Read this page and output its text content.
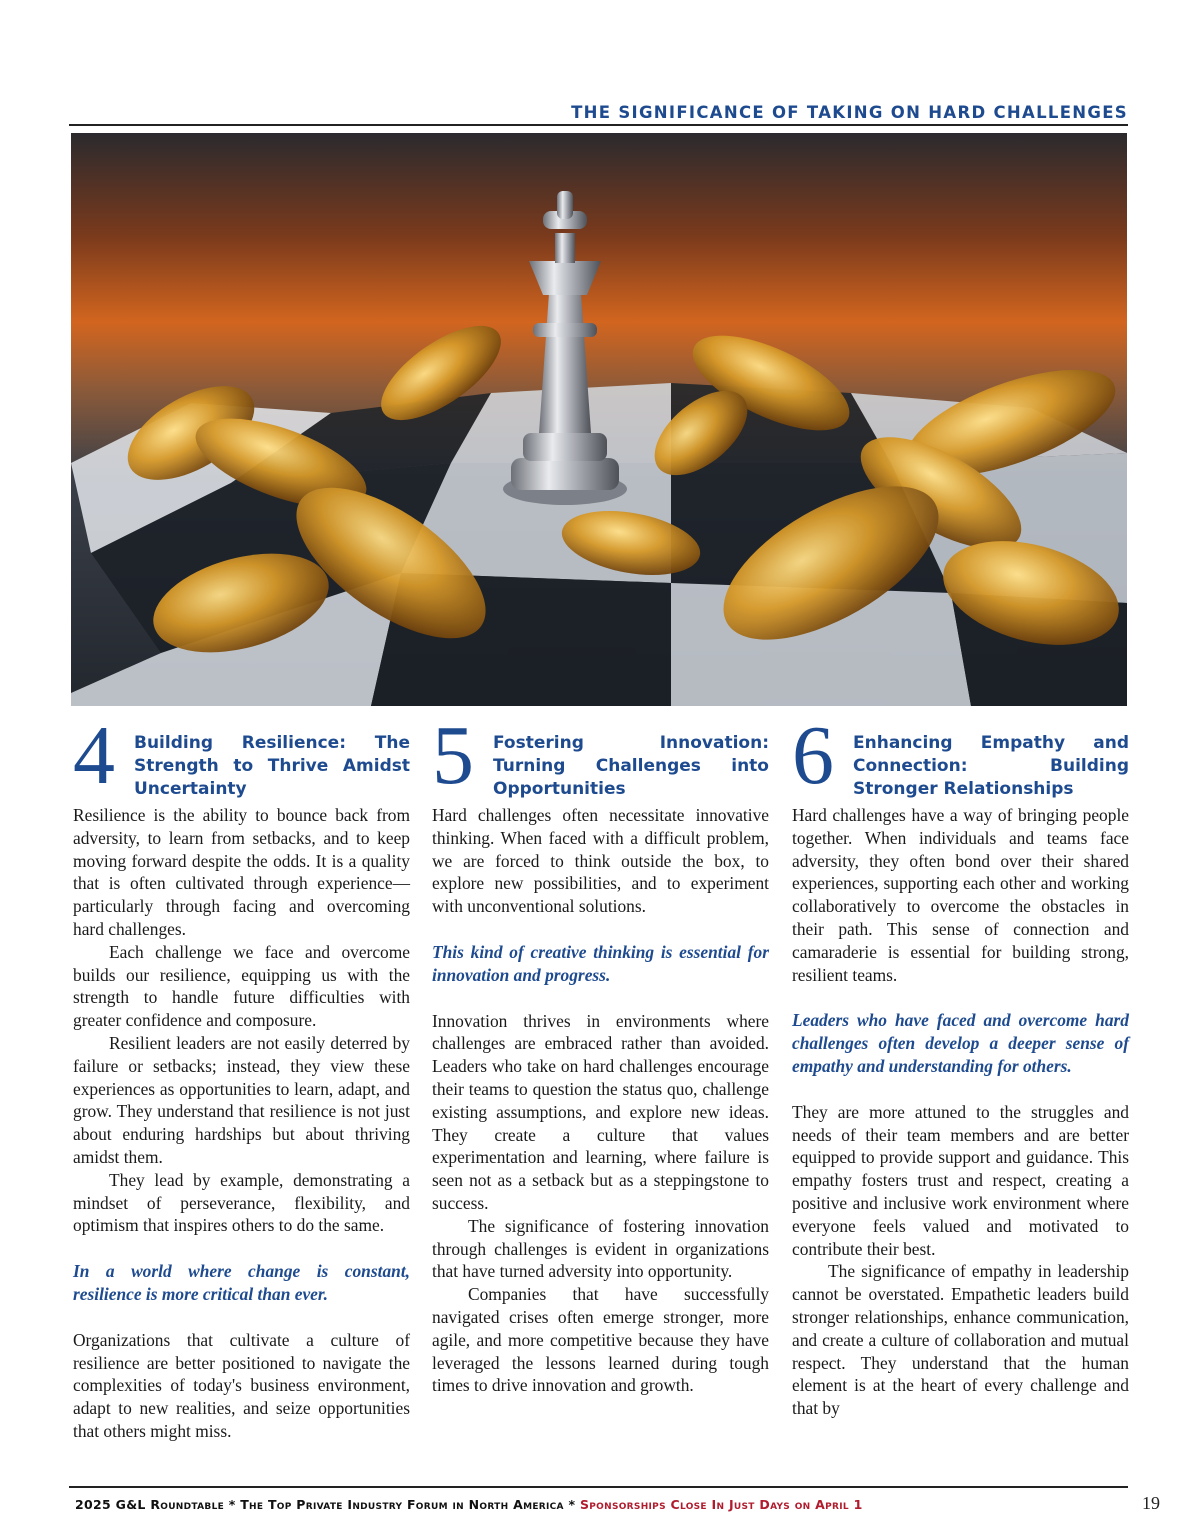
THE SIGNIFICANCE OF TAKING ON HARD CHALLENGES
4 Building Resilience: The Strength to Thrive Amidst Uncertainty

Resilience is the ability to bounce back from adversity, to learn from setbacks, and to keep moving forward despite the odds. It is a quality that is often cultivated through experience—particularly through facing and overcoming hard challenges.

Each challenge we face and overcome builds our resilience, equipping us with the strength to handle future difficulties with greater confidence and composure.

Resilient leaders are not easily deterred by failure or setbacks; instead, they view these experiences as opportunities to learn, adapt, and grow. They understand that resilience is not just about enduring hardships but about thriving amidst them.

They lead by example, demonstrating a mindset of perseverance, flexibility, and optimism that inspires others to do the same.

In a world where change is constant, resilience is more critical than ever.

Organizations that cultivate a culture of resilience are better positioned to navigate the complexities of today's business environment, adapt to new realities, and seize opportunities that others might miss.

5 Fostering Innovation: Turning Challenges into Opportunities

Hard challenges often necessitate innovative thinking. When faced with a difficult problem, we are forced to think outside the box, to explore new possibilities, and to experiment with unconventional solutions.

This kind of creative thinking is essential for innovation and progress.

Innovation thrives in environments where challenges are embraced rather than avoided. Leaders who take on hard challenges encourage their teams to question the status quo, challenge existing assumptions, and explore new ideas. They create a culture that values experimentation and learning, where failure is seen not as a setback but as a steppingstone to success.

The significance of fostering innovation through challenges is evident in organizations that have turned adversity into opportunity.

Companies that have successfully navigated crises often emerge stronger, more agile, and more competitive because they have leveraged the lessons learned during tough times to drive innovation and growth.

6 Enhancing Empathy and Connection: Building Stronger Relationships

Hard challenges have a way of bringing people together. When individuals and teams face adversity, they often bond over their shared experiences, supporting each other and working collaboratively to overcome the obstacles in their path. This sense of connection and camaraderie is essential for building strong, resilient teams.

Leaders who have faced and overcome hard challenges often develop a deeper sense of empathy and understanding for others.

They are more attuned to the struggles and needs of their team members and are better equipped to provide support and guidance. This empathy fosters trust and respect, creating a positive and inclusive work environment where everyone feels valued and motivated to contribute their best.

The significance of empathy in leadership cannot be overstated. Empathetic leaders build stronger relationships, enhance communication, and create a culture of collaboration and mutual respect. They understand that the human element is at the heart of every challenge and that by

2025 G&L Roundtable * The Top Private Industry Forum in North America * Sponsorships Close In Just Days on April 1	19
